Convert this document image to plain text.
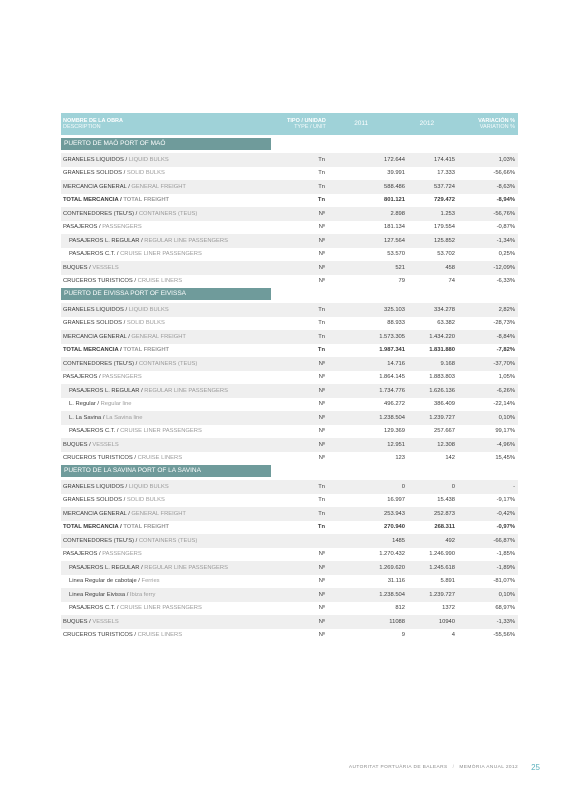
NOMBRE DE LA OBRA
DESCRIPTION
TIPO / UNIDAD
TYPE / UNIT
2011	2012	VARIACIÓN %
VARIATION %
PUERTO DE MAÓ PORT OF MAÓ
GRANELES LÍQUIDOS / LIQUID BULKS	Tn	172.644	174.415	1,03%
GRANELES SÓLIDOS / SOLID BULKS	Tn	39.991	17.333	-56,66%
MERCANCÍA GENERAL / GENERAL FREIGHT	Tn	588.486	537.724	-8,63%
TOTAL MERCANCÍA / TOTAL FREIGHT	Tn	801.121	729.472	-8,94%
CONTENEDORES (TEU'S) / CONTAINERS (TEUS)	Nº	2.898	1.253	-56,76%
PASAJEROS / PASSENGERS	Nº	181.134	179.554	-0,87%
PASAJEROS L. REGULAR / REGULAR LINE PASSENGERS	Nº	127.564	125.852	-1,34%
PASAJEROS C.T. / CRUISE LINER PASSENGERS	Nº	53.570	53.702	0,25%
BUQUES / VESSELS	Nº	521	458	-12,09%
CRUCEROS TURÍSTICOS / CRUISE LINERS	Nº	79	74	-6,33%
PUERTO DE EIVISSA PORT OF EIVISSA
GRANELES LÍQUIDOS / LIQUID BULKS	Tn	325.103	334.278	2,82%
GRANELES SÓLIDOS / SOLID BULKS	Tn	88.933	63.382	-28,73%
MERCANCÍA GENERAL / GENERAL FREIGHT	Tn	1.573.305	1.434.220	-8,84%
TOTAL MERCANCÍA / TOTAL FREIGHT	Tn	1.987.341	1.831.880	-7,82%
CONTENEDORES (TEU'S) / CONTAINERS (TEUS)	Nº	14.716	9.168	-37,70%
PASAJEROS / PASSENGERS	Nº	1.864.145	1.883.803	1,05%
PASAJEROS L. REGULAR / REGULAR LINE PASSENGERS	Nº	1.734.776	1.626.136	-6,26%
L. Regular / Regular line	Nº	496.272	386.409	-22,14%
L. La Savina / La Savina line	Nº	1.238.504	1.239.727	0,10%
PASAJEROS C.T. / CRUISE LINER PASSENGERS	Nº	129.369	257.667	99,17%
BUQUES / VESSELS	Nº	12.951	12.308	-4,96%
CRUCEROS TURÍSTICOS / CRUISE LINERS	Nº	123	142	15,45%
PUERTO DE LA SAVINA PORT OF LA SAVINA
GRANELES LÍQUIDOS / LIQUID BULKS	Tn	0	0	-
GRANELES SÓLIDOS / SOLID BULKS	Tn	16.997	15.438	-9,17%
MERCANCÍA GENERAL / GENERAL FREIGHT	Tn	253.943	252.873	-0,42%
TOTAL MERCANCÍA / TOTAL FREIGHT	Tn	270.940	268.311	-0,97%
CONTENEDORES (TEU'S) / CONTAINERS (TEUS)	1485	492	-66,87%
PASAJEROS / PASSENGERS	Nº	1.270.432	1.246.990	-1,85%
PASAJEROS L. REGULAR / REGULAR LINE PASSENGERS	Nº	1.269.620	1.245.618	-1,89%
Linea Regular de cabotaje / Ferries	Nº	31.116	5.891	-81,07%
Linea Regular Eivissa / Ibiza ferry	Nº	1.238.504	1.239.727	0,10%
PASAJEROS C.T. / CRUISE LINER PASSENGERS	Nº	812	1372	68,97%
BUQUES / VESSELS	Nº	11088	10940	-1,33%
CRUCEROS TURÍSTICOS / CRUISE LINERS	Nº	9	4	-55,56%
AUTORITAT PORTUÀRIA DE BALEARS / MEMÒRIA ANUAL 2012 25
